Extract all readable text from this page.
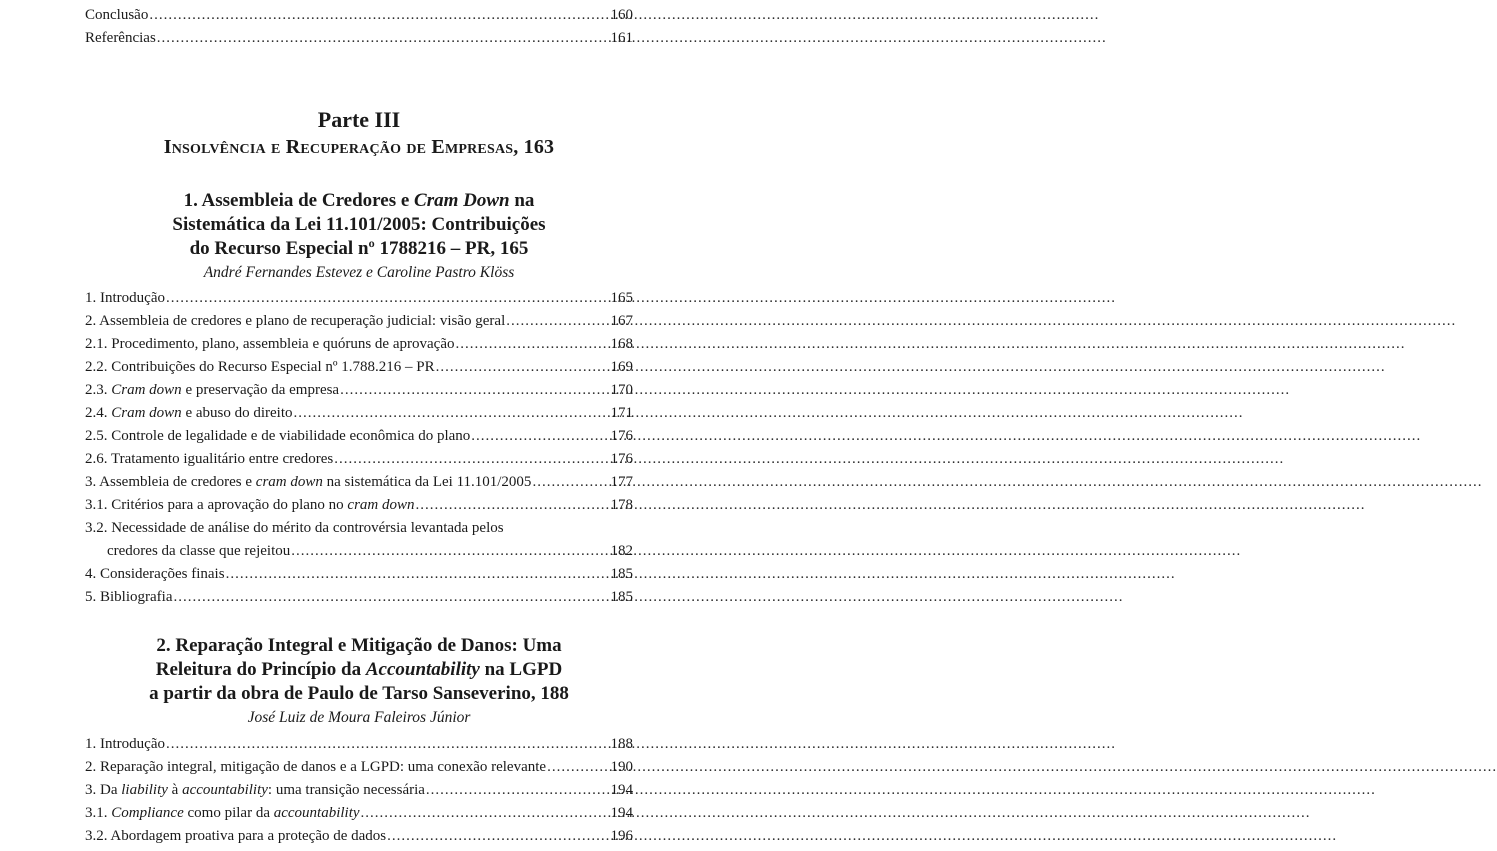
Conclusão .....	160
Referências .....	161
Parte III
Insolvência e Recuperação de Empresas, 163
1. Assembleia de Credores e Cram Down na
Sistemática da Lei 11.101/2005: Contribuições
do Recurso Especial nº 1788216 – PR, 165
André Fernandes Estevez e Caroline Pastro Klöss
1. Introdução .....	165
2. Assembleia de credores e plano de recuperação judicial: visão geral .....	167
2.1. Procedimento, plano, assembleia e quóruns de aprovação .....	168
2.2. Contribuições do Recurso Especial nº 1.788.216 – PR .....	169
2.3. Cram down e preservação da empresa .....	170
2.4. Cram down e abuso do direito .....	171
2.5. Controle de legalidade e de viabilidade econômica do plano .....	176
2.6. Tratamento igualitário entre credores .....	176
3. Assembleia de credores e cram down na sistemática da Lei 11.101/2005 .....	177
3.1. Critérios para a aprovação do plano no cram down .....	178
3.2. Necessidade de análise do mérito da controvérsia levantada pelos
credores da classe que rejeitou .....	182
4. Considerações finais .....	185
5. Bibliografia .....	185
2. Reparação Integral e Mitigação de Danos: Uma
Releitura do Princípio da Accountability na LGPD
a partir da obra de Paulo de Tarso Sanseverino, 188
José Luiz de Moura Faleiros Júnior
1. Introdução .....	188
2. Reparação integral, mitigação de danos e a LGPD: uma conexão relevante .....	190
3. Da liability à accountability: uma transição necessária .....	194
3.1. Compliance como pilar da accountability .....	194
3.2. Abordagem proativa para a proteção de dados .....	196
